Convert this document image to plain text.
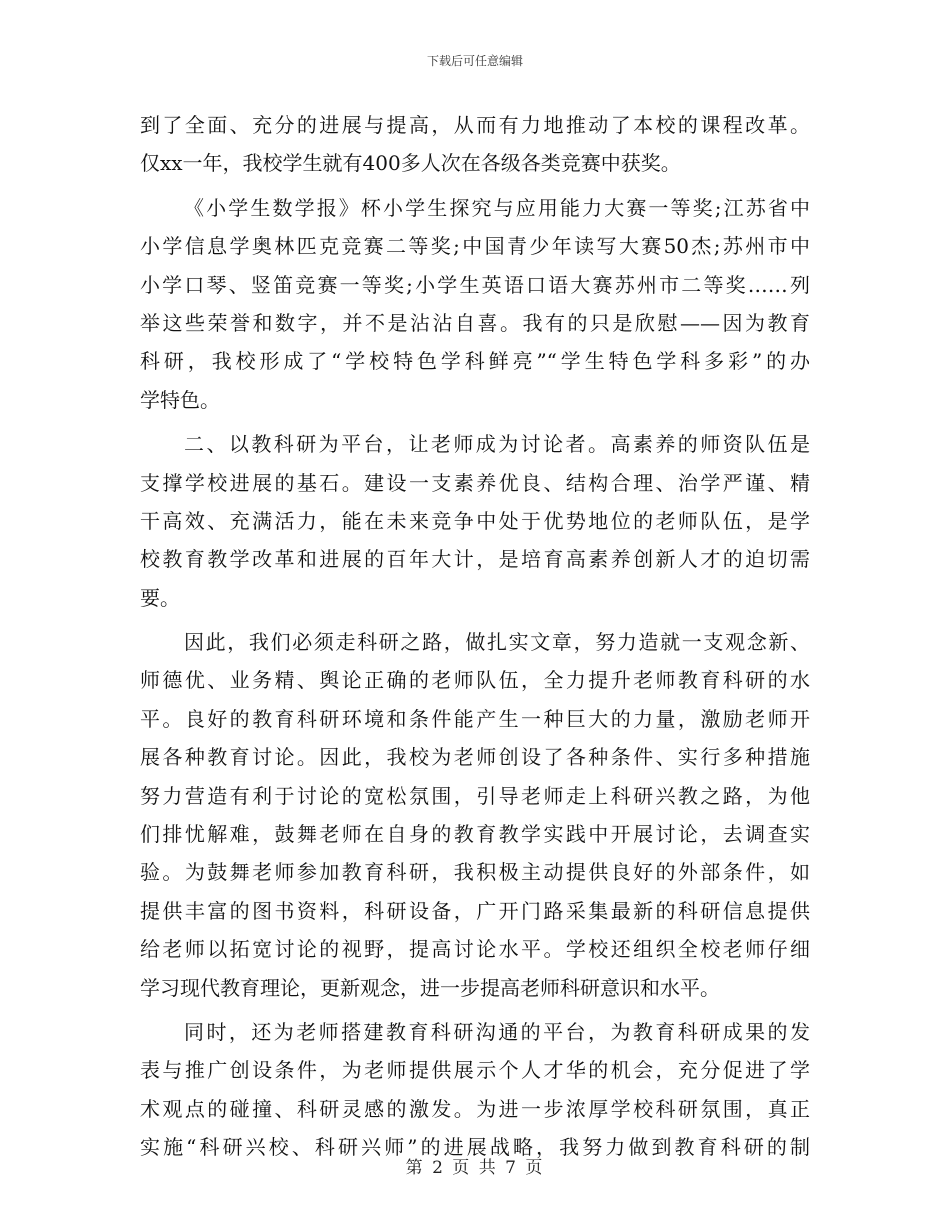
下载后可任意编辑
到了全面、充分的进展与提高，从而有力地推动了本校的课程改革。
仅xx一年，我校学生就有400多人次在各级各类竞赛中获奖。
《小学生数学报》杯小学生探究与应用能力大赛一等奖;江苏省中
小学信息学奥林匹克竞赛二等奖;中国青少年读写大赛50杰;苏州市中
小学口琴、竖笛竞赛一等奖;小学生英语口语大赛苏州市二等奖……列
举这些荣誉和数字，并不是沾沾自喜。我有的只是欣慰——因为教育
科研，我校形成了“学校特色学科鲜亮”“学生特色学科多彩”的办
学特色。
二、以教科研为平台，让老师成为讨论者。高素养的师资队伍是
支撑学校进展的基石。建设一支素养优良、结构合理、治学严谨、精
干高效、充满活力，能在未来竞争中处于优势地位的老师队伍，是学
校教育教学改革和进展的百年大计，是培育高素养创新人才的迫切需
要。
因此，我们必须走科研之路，做扎实文章，努力造就一支观念新、
师德优、业务精、舆论正确的老师队伍，全力提升老师教育科研的水
平。良好的教育科研环境和条件能产生一种巨大的力量，激励老师开
展各种教育讨论。因此，我校为老师创设了各种条件、实行多种措施
努力营造有利于讨论的宽松氛围，引导老师走上科研兴教之路，为他
们排忧解难，鼓舞老师在自身的教育教学实践中开展讨论，去调查实
验。为鼓舞老师参加教育科研，我积极主动提供良好的外部条件，如
提供丰富的图书资料，科研设备，广开门路采集最新的科研信息提供
给老师以拓宽讨论的视野，提高讨论水平。学校还组织全校老师仔细
学习现代教育理论，更新观念，进一步提高老师科研意识和水平。
同时，还为老师搭建教育科研沟通的平台，为教育科研成果的发
表与推广创设条件，为老师提供展示个人才华的机会，充分促进了学
术观点的碰撞、科研灵感的激发。为进一步浓厚学校科研氛围，真正
实施“科研兴校、科研兴师”的进展战略，我努力做到教育科研的制
第 2 页 共 7 页
